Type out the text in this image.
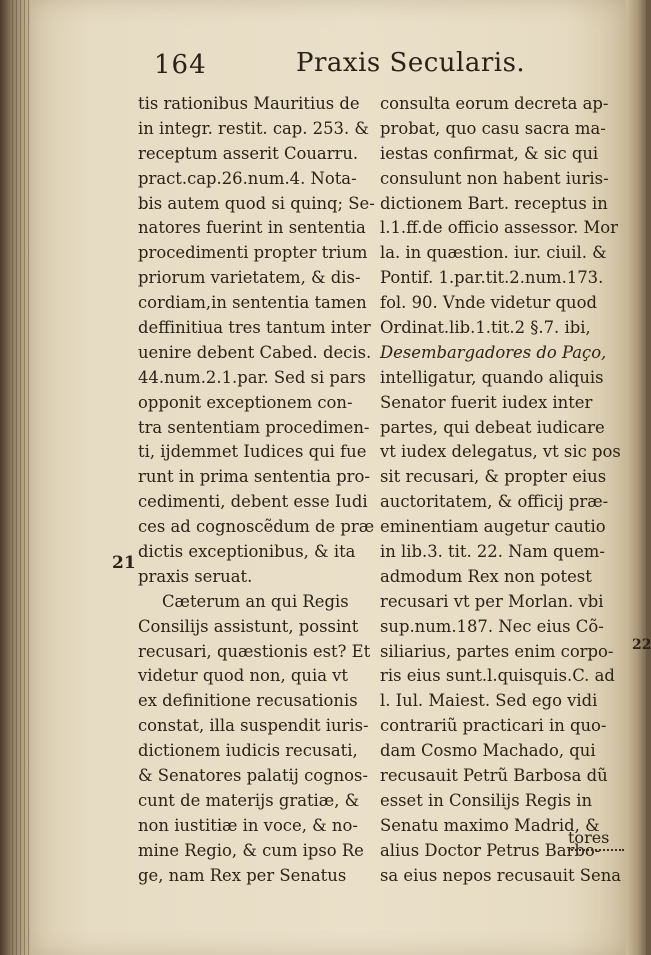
164	Praxis Secularis.
tis rationibus Mauritius de
in integr. restit. cap. 253. &
receptum asserit Couarru.
pract.cap.26.num.4. Nota-
bis autem quod si quinq; Se-
natores fuerint in sententia
procedimenti propter trium
priorum varietatem, & dis-
cordiam,in sententia tamen
deffinitiua tres tantum inter
uenire debent Cabed. decis.
44.num.2.1.par. Sed si pars
opponit exceptionem con-
tra sententiam procedimen-
ti, ijdemmet Iudices qui fue
runt in prima sententia pro-
cedimenti, debent esse Iudi
ces ad cognoscẽdum de præ
dictis exceptionibus, & ita
praxis seruat.
Cæterum an qui Regis
Consilijs assistunt, possint
recusari, quæstionis est? Et
videtur quod non, quia vt
ex definitione recusationis
constat, illa suspendit iuris-
dictionem iudicis recusati,
& Senatores palatij cognos-
cunt de materijs gratiæ, &
non iustitiæ in voce, & no-
mine Regio, & cum ipso Re
ge, nam Rex per Senatus
consulta eorum decreta ap-
probat, quo casu sacra ma-
iestas confirmat, & sic qui
consulunt non habent iuris-
dictionem Bart. receptus in
l.1.ff.de officio assessor. Mor
la. in quæstion. iur. ciuil. &
Pontif. 1.par.tit.2.num.173.
fol. 90. Vnde videtur quod
Ordinat.lib.1.tit.2 §.7. ibi,
Desembargadores do Paço,
intelligatur, quando aliquis
Senator fuerit iudex inter
partes, qui debeat iudicare
vt iudex delegatus, vt sic pos
sit recusari, & propter eius
auctoritatem, & officij præ-
eminentiam augetur cautio
in lib.3. tit. 22. Nam quem-
admodum Rex non potest
recusari vt per Morlan. vbi
sup.num.187. Nec eius Cõ-
siliarius, partes enim corpo-
ris eius sunt.l.quisquis.C. ad
l. Iul. Maiest. Sed ego vidi
contrariũ practicari in quo-
dam Cosmo Machado, qui
recusauit Petrũ Barbosa dũ
esset in Consilijs Regis in
Senatu maximo Madrid, &
alius Doctor Petrus Barbo-
sa eius nepos recusauit Sena
21
22
tores
